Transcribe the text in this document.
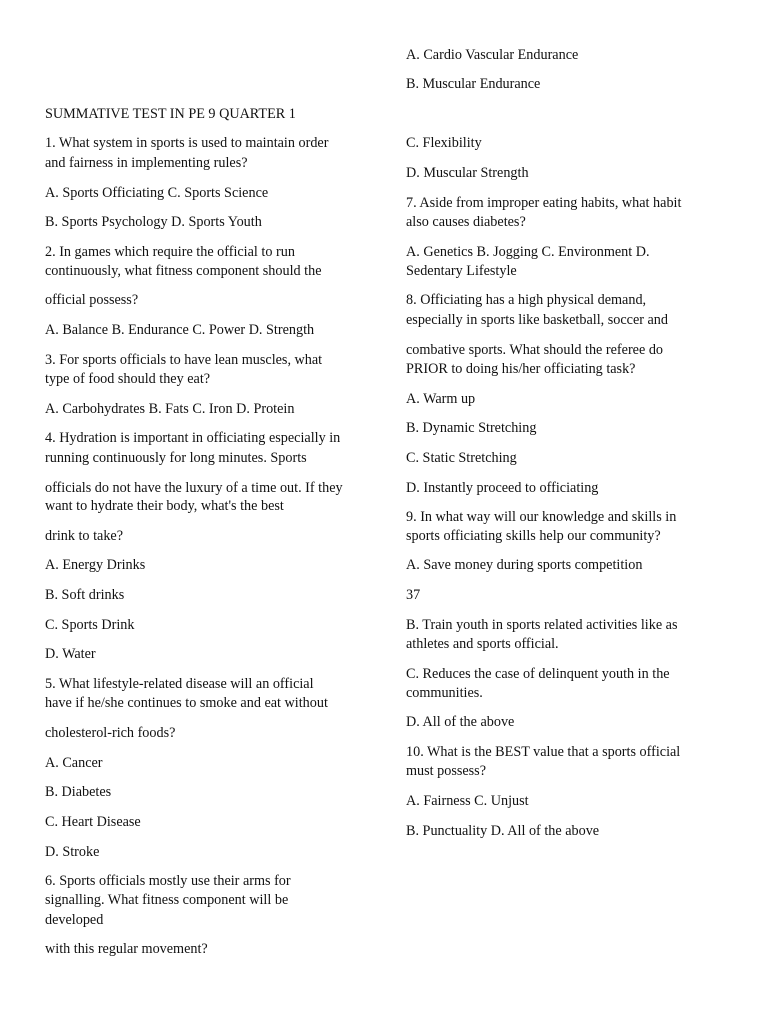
SUMMATIVE TEST IN PE 9 QUARTER 1
1. What system in sports is used to maintain order
and fairness in implementing rules?
A. Sports Officiating C. Sports Science
B. Sports Psychology D. Sports Youth
2. In games which require the official to run
continuously, what fitness component should the
official possess?
A. Balance B. Endurance C. Power D. Strength
3. For sports officials to have lean muscles, what
type of food should they eat?
A. Carbohydrates B. Fats C. Iron D. Protein
4. Hydration is important in officiating especially in
running continuously for long minutes. Sports
officials do not have the luxury of a time out. If they
want to hydrate their body, what's the best
drink to take?
A. Energy Drinks
B. Soft drinks
C. Sports Drink
D. Water
5. What lifestyle-related disease will an official
have if he/she continues to smoke and eat without
cholesterol-rich foods?
A. Cancer
B. Diabetes
C. Heart Disease
D. Stroke
6. Sports officials mostly use their arms for
signalling. What fitness component will be
developed
with this regular movement?
A. Cardio Vascular Endurance
B. Muscular Endurance
C. Flexibility
D. Muscular Strength
7. Aside from improper eating habits, what habit
also causes diabetes?
A. Genetics B. Jogging C. Environment D.
Sedentary Lifestyle
8. Officiating has a high physical demand,
especially in sports like basketball, soccer and
combative sports. What should the referee do
PRIOR to doing his/her officiating task?
A. Warm up
B. Dynamic Stretching
C. Static Stretching
D. Instantly proceed to officiating
9. In what way will our knowledge and skills in
sports officiating skills help our community?
A. Save money during sports competition
37
B. Train youth in sports related activities like as
athletes and sports official.
C. Reduces the case of delinquent youth in the
communities.
D. All of the above
10. What is the BEST value that a sports official
must possess?
A. Fairness C. Unjust
B. Punctuality D. All of the above
